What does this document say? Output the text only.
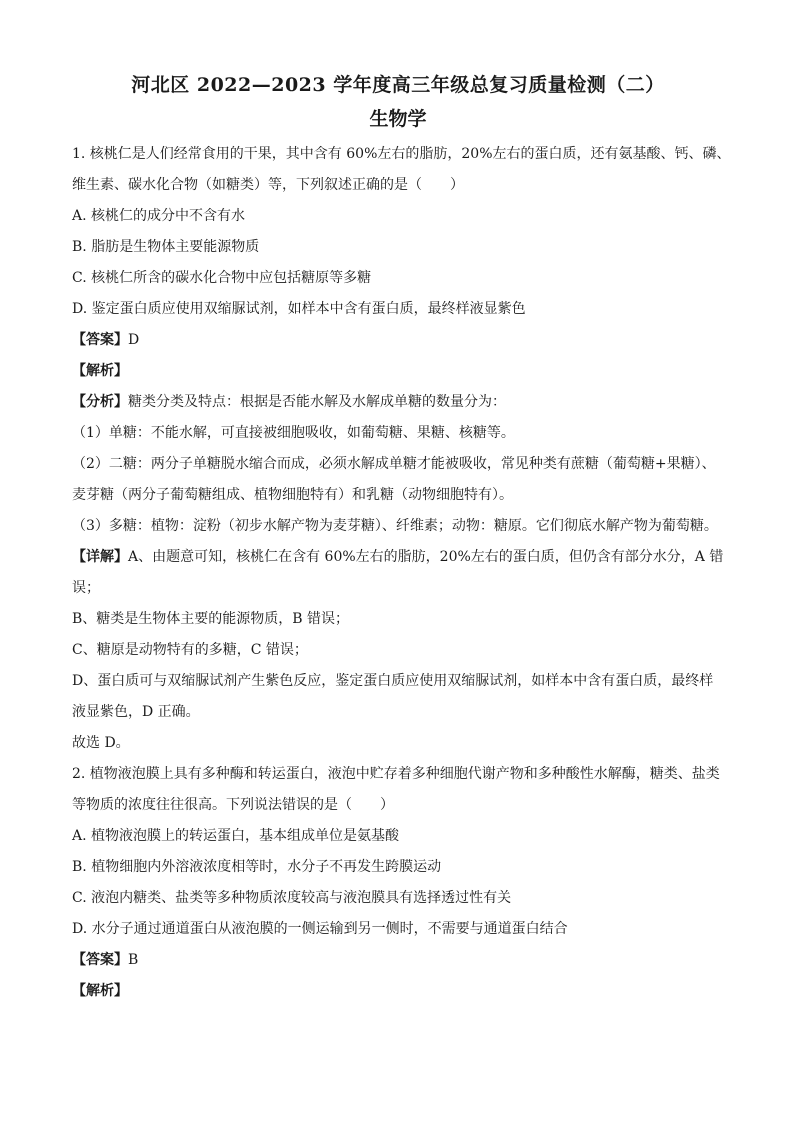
河北区 2022—2023 学年度高三年级总复习质量检测（二）
生物学

1. 核桃仁是人们经常食用的干果，其中含有 60%左右的脂肪，20%左右的蛋白质，还有氨基酸、钙、磷、

维生素、碳水化合物（如糖类）等，下列叙述正确的是（　　）

A. 核桃仁的成分中不含有水

B. 脂肪是生物体主要能源物质

C. 核桃仁所含的碳水化合物中应包括糖原等多糖

D. 鉴定蛋白质应使用双缩脲试剂，如样本中含有蛋白质，最终样液显紫色

【答案】D

【解析】

【分析】糖类分类及特点：根据是否能水解及水解成单糖的数量分为：

（1）单糖：不能水解，可直接被细胞吸收，如葡萄糖、果糖、核糖等。

（2）二糖：两分子单糖脱水缩合而成，必须水解成单糖才能被吸收，常见种类有蔗糖（葡萄糖+果糖）、

麦芽糖（两分子葡萄糖组成、植物细胞特有）和乳糖（动物细胞特有）。

（3）多糖：植物：淀粉（初步水解产物为麦芽糖）、纤维素；动物：糖原。它们彻底水解产物为葡萄糖。

【详解】A、由题意可知，核桃仁在含有 60%左右的脂肪，20%左右的蛋白质，但仍含有部分水分，A 错

误；

B、糖类是生物体主要的能源物质，B 错误；

C、糖原是动物特有的多糖，C 错误；

D、蛋白质可与双缩脲试剂产生紫色反应，鉴定蛋白质应使用双缩脲试剂，如样本中含有蛋白质，最终样

液显紫色，D 正确。

故选 D。

2. 植物液泡膜上具有多种酶和转运蛋白，液泡中贮存着多种细胞代谢产物和多种酸性水解酶，糖类、盐类

等物质的浓度往往很高。下列说法错误的是（　　）

A. 植物液泡膜上的转运蛋白，基本组成单位是氨基酸

B. 植物细胞内外溶液浓度相等时，水分子不再发生跨膜运动

C. 液泡内糖类、盐类等多种物质浓度较高与液泡膜具有选择透过性有关

D. 水分子通过通道蛋白从液泡膜的一侧运输到另一侧时，不需要与通道蛋白结合

【答案】B

【解析】
